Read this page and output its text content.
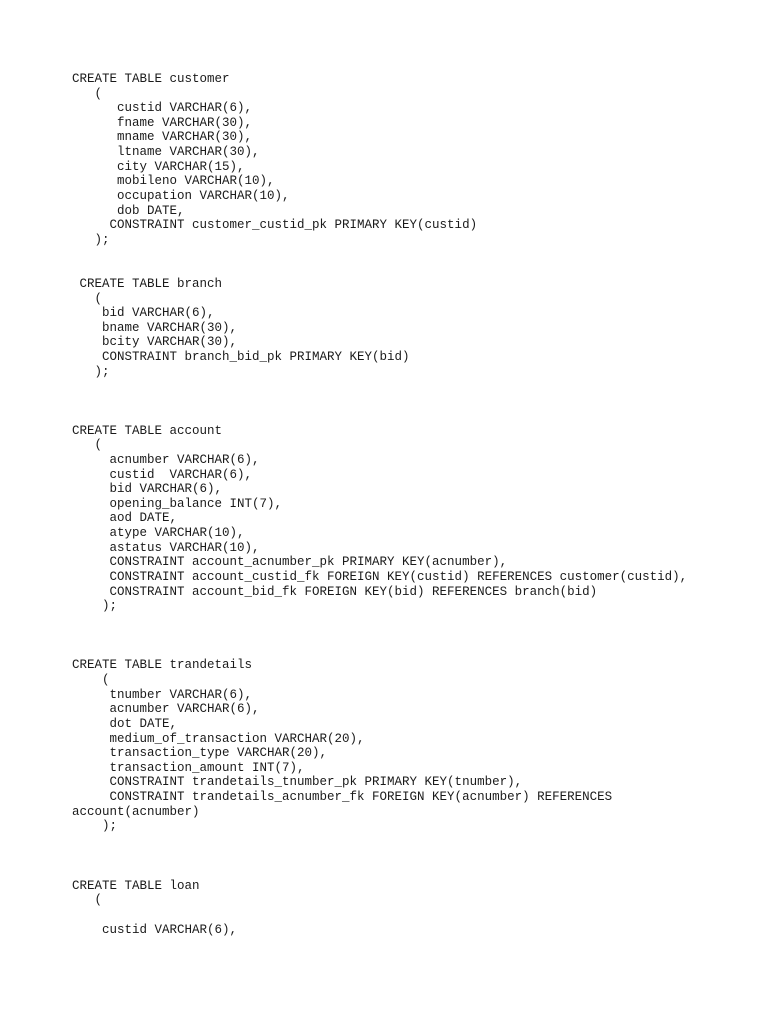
CREATE TABLE customer

(

custid VARCHAR(6),

fname VARCHAR(30),

mname VARCHAR(30),

ltname VARCHAR(30),

city VARCHAR(15),

mobileno VARCHAR(10),

occupation VARCHAR(10),

dob DATE,

CONSTRAINT customer_custid_pk PRIMARY KEY(custid)

);

CREATE TABLE branch

(

bid VARCHAR(6),

bname VARCHAR(30),

bcity VARCHAR(30),

CONSTRAINT branch_bid_pk PRIMARY KEY(bid)

);

CREATE TABLE account

(

acnumber VARCHAR(6),

custid  VARCHAR(6),

bid VARCHAR(6),

opening_balance INT(7),

aod DATE,

atype VARCHAR(10),

astatus VARCHAR(10),

CONSTRAINT account_acnumber_pk PRIMARY KEY(acnumber),

CONSTRAINT account_custid_fk FOREIGN KEY(custid) REFERENCES customer(custid),

CONSTRAINT account_bid_fk FOREIGN KEY(bid) REFERENCES branch(bid)

);

CREATE TABLE trandetails

(

tnumber VARCHAR(6),

acnumber VARCHAR(6),

dot DATE,

medium_of_transaction VARCHAR(20),

transaction_type VARCHAR(20),

transaction_amount INT(7),

CONSTRAINT trandetails_tnumber_pk PRIMARY KEY(tnumber),

CONSTRAINT trandetails_acnumber_fk FOREIGN KEY(acnumber) REFERENCES

account(acnumber)

);

CREATE TABLE loan

(

custid VARCHAR(6),
